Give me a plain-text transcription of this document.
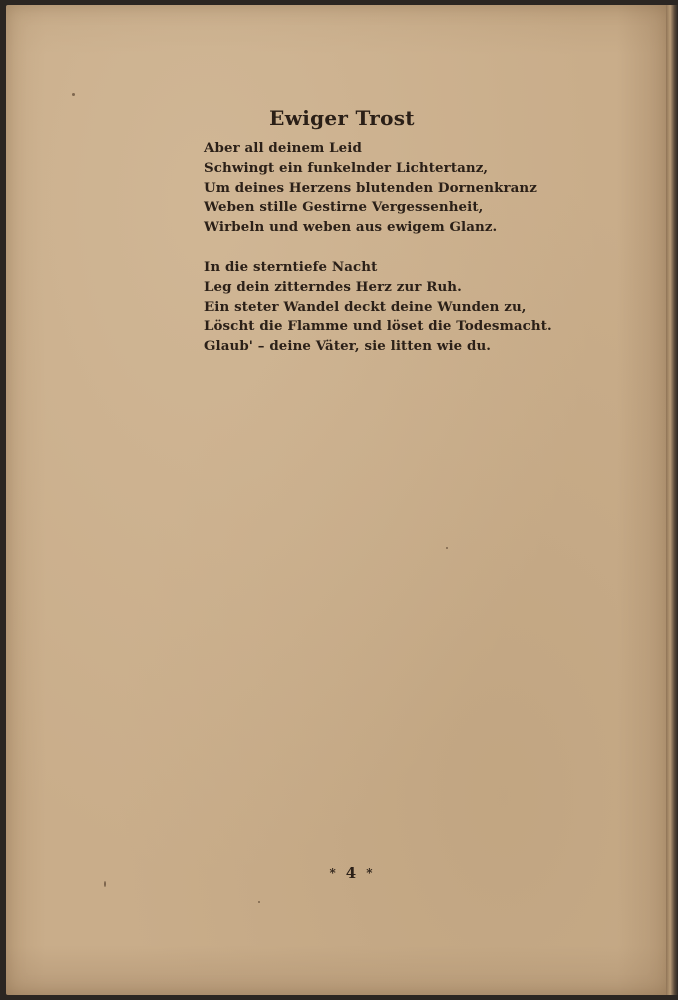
Ewiger Trost
Aber all deinem Leid
Schwingt ein funkelnder Lichtertanz,
Um deines Herzens blutenden Dornenkranz
Weben stille Gestirne Vergessenheit,
Wirbeln und weben aus ewigem Glanz.
In die sterntiefe Nacht
Leg dein zitterndes Herz zur Ruh.
Ein steter Wandel deckt deine Wunden zu,
Löscht die Flamme und löset die Todesmacht.
Glaub' – deine Väter, sie litten wie du.
* 4 *
